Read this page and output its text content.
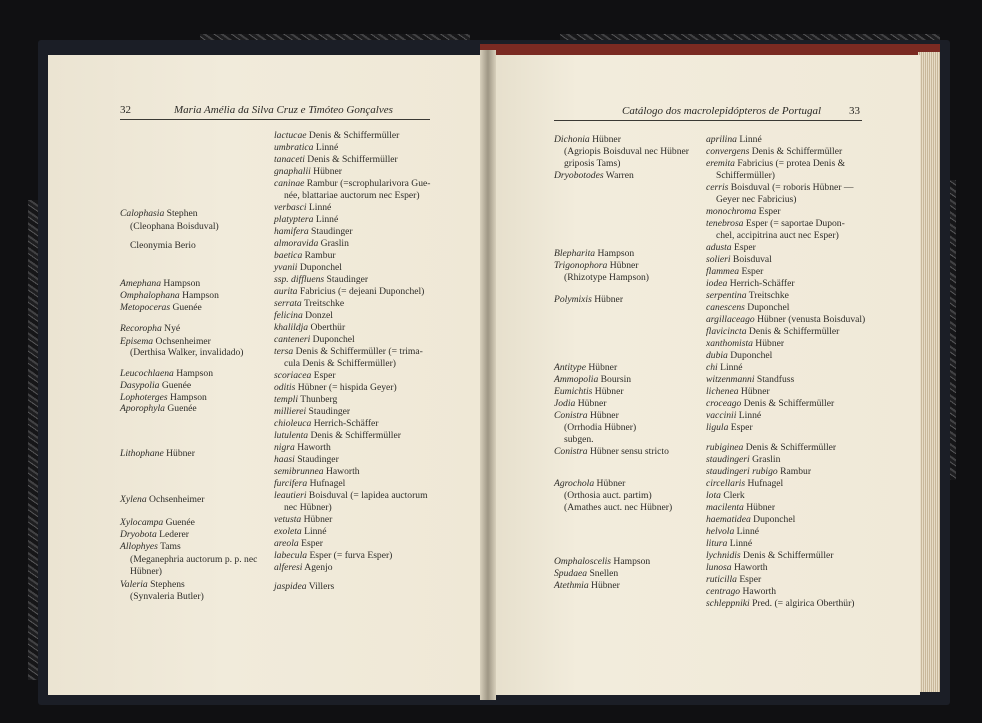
32	Maria Amélia da Silva Cruz e Timóteo Gonçalves	Catálogo dos macrolepidópteros de Portugal	33
Calophasia Stephen
(Cleophana Boisduval)
Cleonymia Berio
Amephana Hampson
Omphalophana Hampson
Metopoceras Guenée
Recoropha Nyé
Episema Ochsenheimer
(Derthisa Walker, invalidado)
Leucochlaena Hampson
Dasypolia Guenée
Lophoterges Hampson
Aporophyla Guenée
Lithophane Hübner
Xylena Ochsenheimer
Xylocampa Guenée
Dryobota Lederer
Allophyes Tams
(Meganephria auctorum p. p. nec
Hübner)
Valeria Stephens
(Synvaleria Butler)
lactucae Denis & Schiffermüller
umbratica Linné
tanaceti Denis & Schiffermüller
gnaphalii Hübner
caninae Rambur (=scrophularivora Gue-
née, blattariae auctorum nec Esper)
verbasci Linné
platyptera Linné
hamifera Staudinger
almoravida Graslin
baetica Rambur
yvanii Duponchel
ssp. diffluens Staudinger
aurita Fabricius (= dejeani Duponchel)
serrata Treitschke
felicina Donzel
khalildja Oberthür
canteneri Duponchel
tersa Denis & Schiffermüller (= trima-
cula Denis & Schiffermüller)
scoriacea Esper
oditis Hübner (= hispida Geyer)
templi Thunberg
millierei Staudinger
chioleuca Herrich-Schäffer
lutulenta Denis & Schiffermüller
nigra Haworth
haasi Staudinger
semibrunnea Haworth
furcifera Hufnagel
leautieri Boisduval (= lapidea auctorum
nec Hübner)
vetusta Hübner
exoleta Linné
areola Esper
labecula Esper (= furva Esper)
alferesi Agenjo
jaspidea Villers
Dichonia Hübner
(Agriopis Boisduval nec Hübner
griposis Tams)
Dryobotodes Warren
Blepharita Hampson
Trigonophora Hübner
(Rhizotype Hampson)
Polymixis Hübner
Antitype Hübner
Ammopolia Boursin
Eumichtis Hübner
Jodia Hübner
Conistra Hübner
(Orrhodia Hübner)
subgen.
Conistra Hübner sensu stricto
Agrochola Hübner
(Orthosia auct. partim)
(Amathes auct. nec Hübner)
Omphaloscelis Hampson
Spudaea Snellen
Atethmia Hübner
aprilina Linné
convergens Denis & Schiffermüller
eremita Fabricius (= protea Denis &
Schiffermüller)
cerris Boisduval (= roboris Hübner —
Geyer nec Fabricius)
monochroma Esper
tenebrosa Esper (= saportae Dupon-
chel, accipitrina auct nec Esper)
adusta Esper
solieri Boisduval
flammea Esper
iodea Herrich-Schäffer
serpentina Treitschke
canescens Duponchel
argillaceago Hübner (venusta Boisduval)
flavicincta Denis & Schiffermüller
xanthomista Hübner
dubia Duponchel
chi Linné
witzenmanni Standfuss
lichenea Hübner
croceago Denis & Schiffermüller
vaccinii Linné
ligula Esper
rubiginea Denis & Schiffermüller
staudingeri Graslin
staudingeri rubigo Rambur
circellaris Hufnagel
lota Clerk
macilenta Hübner
haematidea Duponchel
helvola Linné
litura Linné
lychnidis Denis & Schiffermüller
lunosa Haworth
ruticilla Esper
centrago Haworth
schleppniki Pred. (= algirica Oberthür)
